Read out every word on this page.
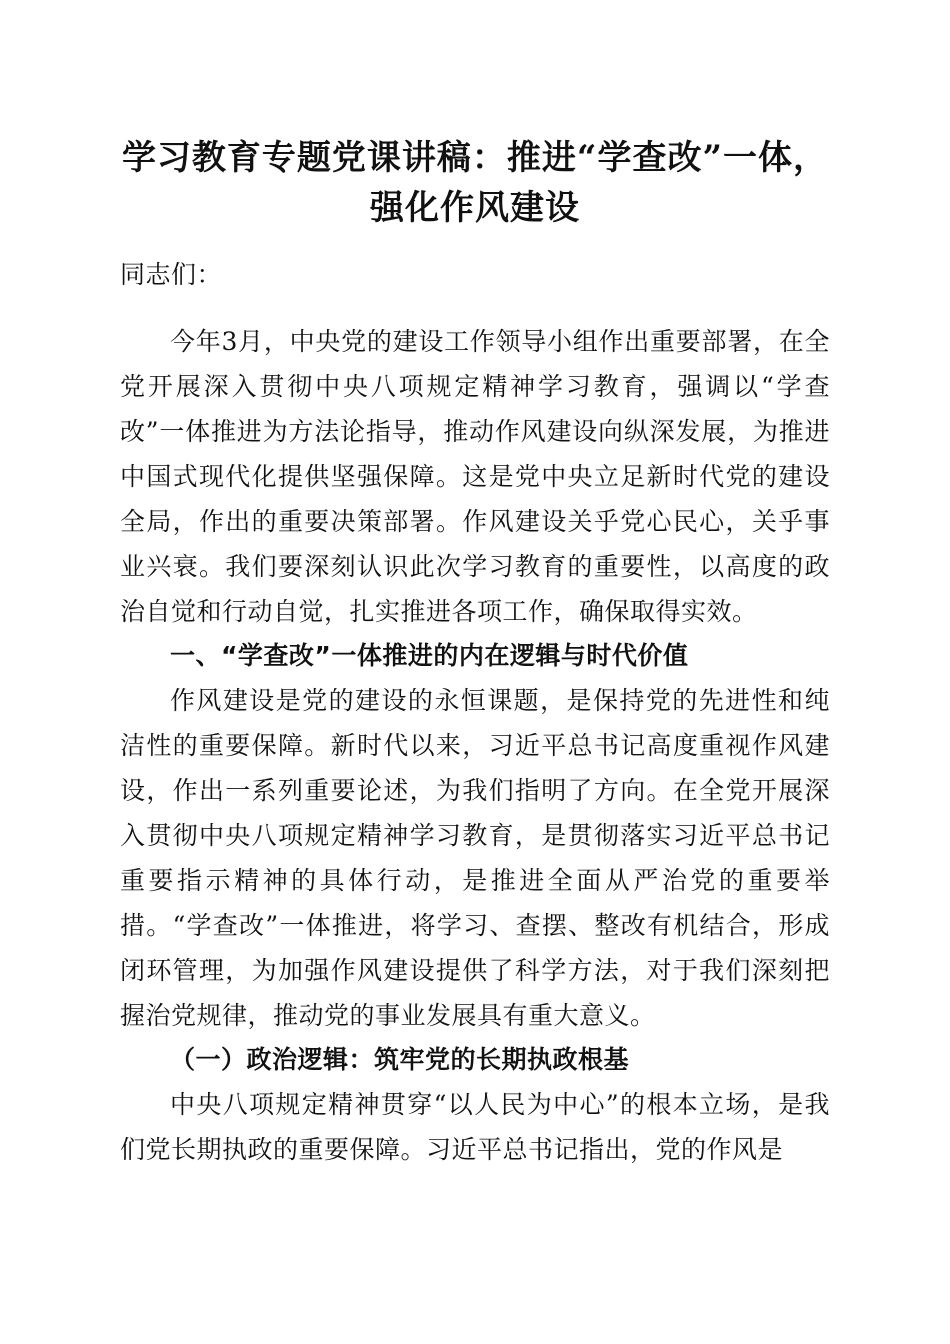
学习教育专题党课讲稿：推进“学查改”一体，
强化作风建设
同志们：
今年3月，中央党的建设工作领导小组作出重要部署，在全党开展深入贯彻中央八项规定精神学习教育，强调以“学查改”一体推进为方法论指导，推动作风建设向纵深发展，为推进中国式现代化提供坚强保障。这是党中央立足新时代党的建设全局，作出的重要决策部署。作风建设关乎党心民心，关乎事业兴衰。我们要深刻认识此次学习教育的重要性，以高度的政治自觉和行动自觉，扎实推进各项工作，确保取得实效。
一、“学查改”一体推进的内在逻辑与时代价值
作风建设是党的建设的永恒课题，是保持党的先进性和纯洁性的重要保障。新时代以来，习近平总书记高度重视作风建设，作出一系列重要论述，为我们指明了方向。在全党开展深入贯彻中央八项规定精神学习教育，是贯彻落实习近平总书记重要指示精神的具体行动，是推进全面从严治党的重要举措。“学查改”一体推进，将学习、查摆、整改有机结合，形成闭环管理，为加强作风建设提供了科学方法，对于我们深刻把握治党规律，推动党的事业发展具有重大意义。
（一）政治逻辑：筑牢党的长期执政根基
中央八项规定精神贯穿“以人民为中心”的根本立场，是我们党长期执政的重要保障。习近平总书记指出，党的作风是
